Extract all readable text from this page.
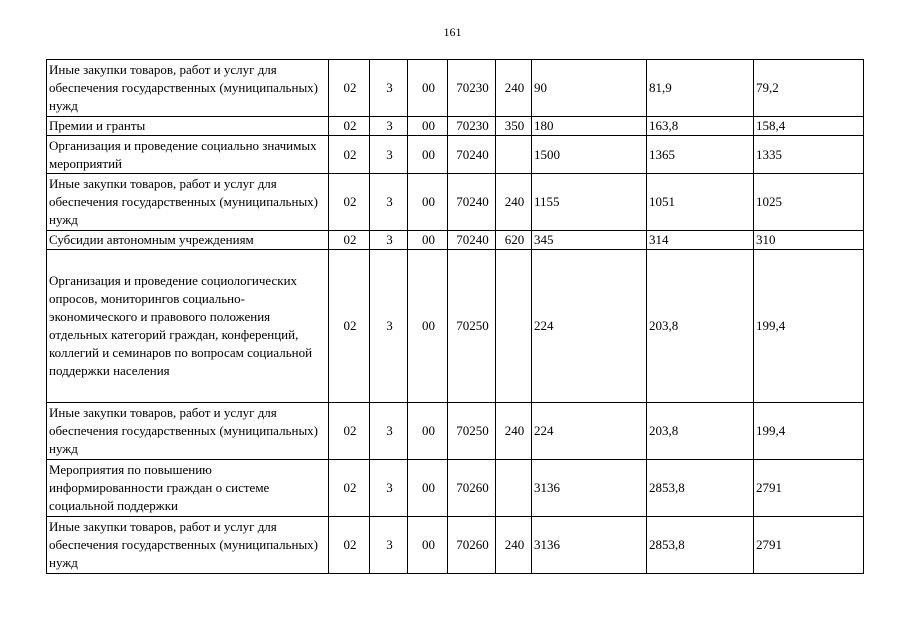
161
Иные закупки товаров, работ и услуг для обеспечения государственных (муниципальных) нужд	02	3	00	70230	240	90	81,9	79,2
Премии и гранты	02	3	00	70230	350	180	163,8	158,4
Организация и проведение социально значимых мероприятий	02	3	00	70240		1500	1365	1335
Иные закупки товаров, работ и услуг для обеспечения государственных (муниципальных) нужд	02	3	00	70240	240	1155	1051	1025
Субсидии автономным учреждениям	02	3	00	70240	620	345	314	310
Организация и проведение социологических опросов, мониторингов социально-экономического и правового положения отдельных категорий граждан, конференций, коллегий и семинаров по вопросам социальной поддержки населения	02	3	00	70250		224	203,8	199,4
Иные закупки товаров, работ и услуг для обеспечения государственных (муниципальных) нужд	02	3	00	70250	240	224	203,8	199,4
Мероприятия по повышению информированности граждан о системе социальной поддержки	02	3	00	70260		3136	2853,8	2791
Иные закупки товаров, работ и услуг для обеспечения государственных (муниципальных) нужд	02	3	00	70260	240	3136	2853,8	2791
